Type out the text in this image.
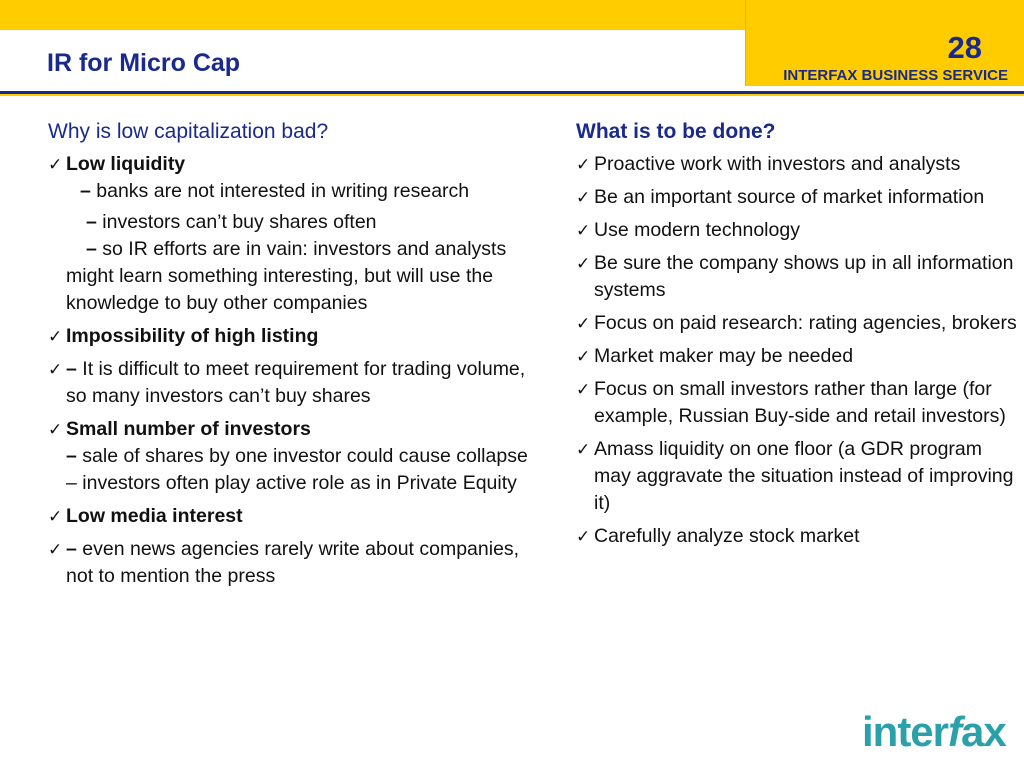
28
INTERFAX BUSINESS SERVICE
IR for Micro Cap
Why is low capitalization bad?
✓ Low liquidity
– banks are not interested in writing research
– investors can’t buy shares often
– so IR efforts are in vain: investors and analysts might learn something interesting, but will use the knowledge to buy other companies
✓ Impossibility of high listing
✓ – It is difficult to meet requirement for trading volume, so many investors can’t buy shares
✓ Small number of investors
– sale of shares by one investor could cause collapse
– investors often play active role as in Private Equity
✓ Low media interest
✓ – even news agencies rarely write about companies, not to mention the press
What is to be done?
✓ Proactive work with investors and analysts
✓ Be an important source of market information
✓ Use modern technology
✓ Be sure the company shows up in all information systems
✓ Focus on paid research: rating agencies, brokers
✓ Market maker may be needed
✓ Focus on small investors rather than large (for example, Russian Buy-side and retail investors)
✓ Amass liquidity on one floor (a GDR program may aggravate the situation instead of improving it)
✓ Carefully analyze stock market
interfax
